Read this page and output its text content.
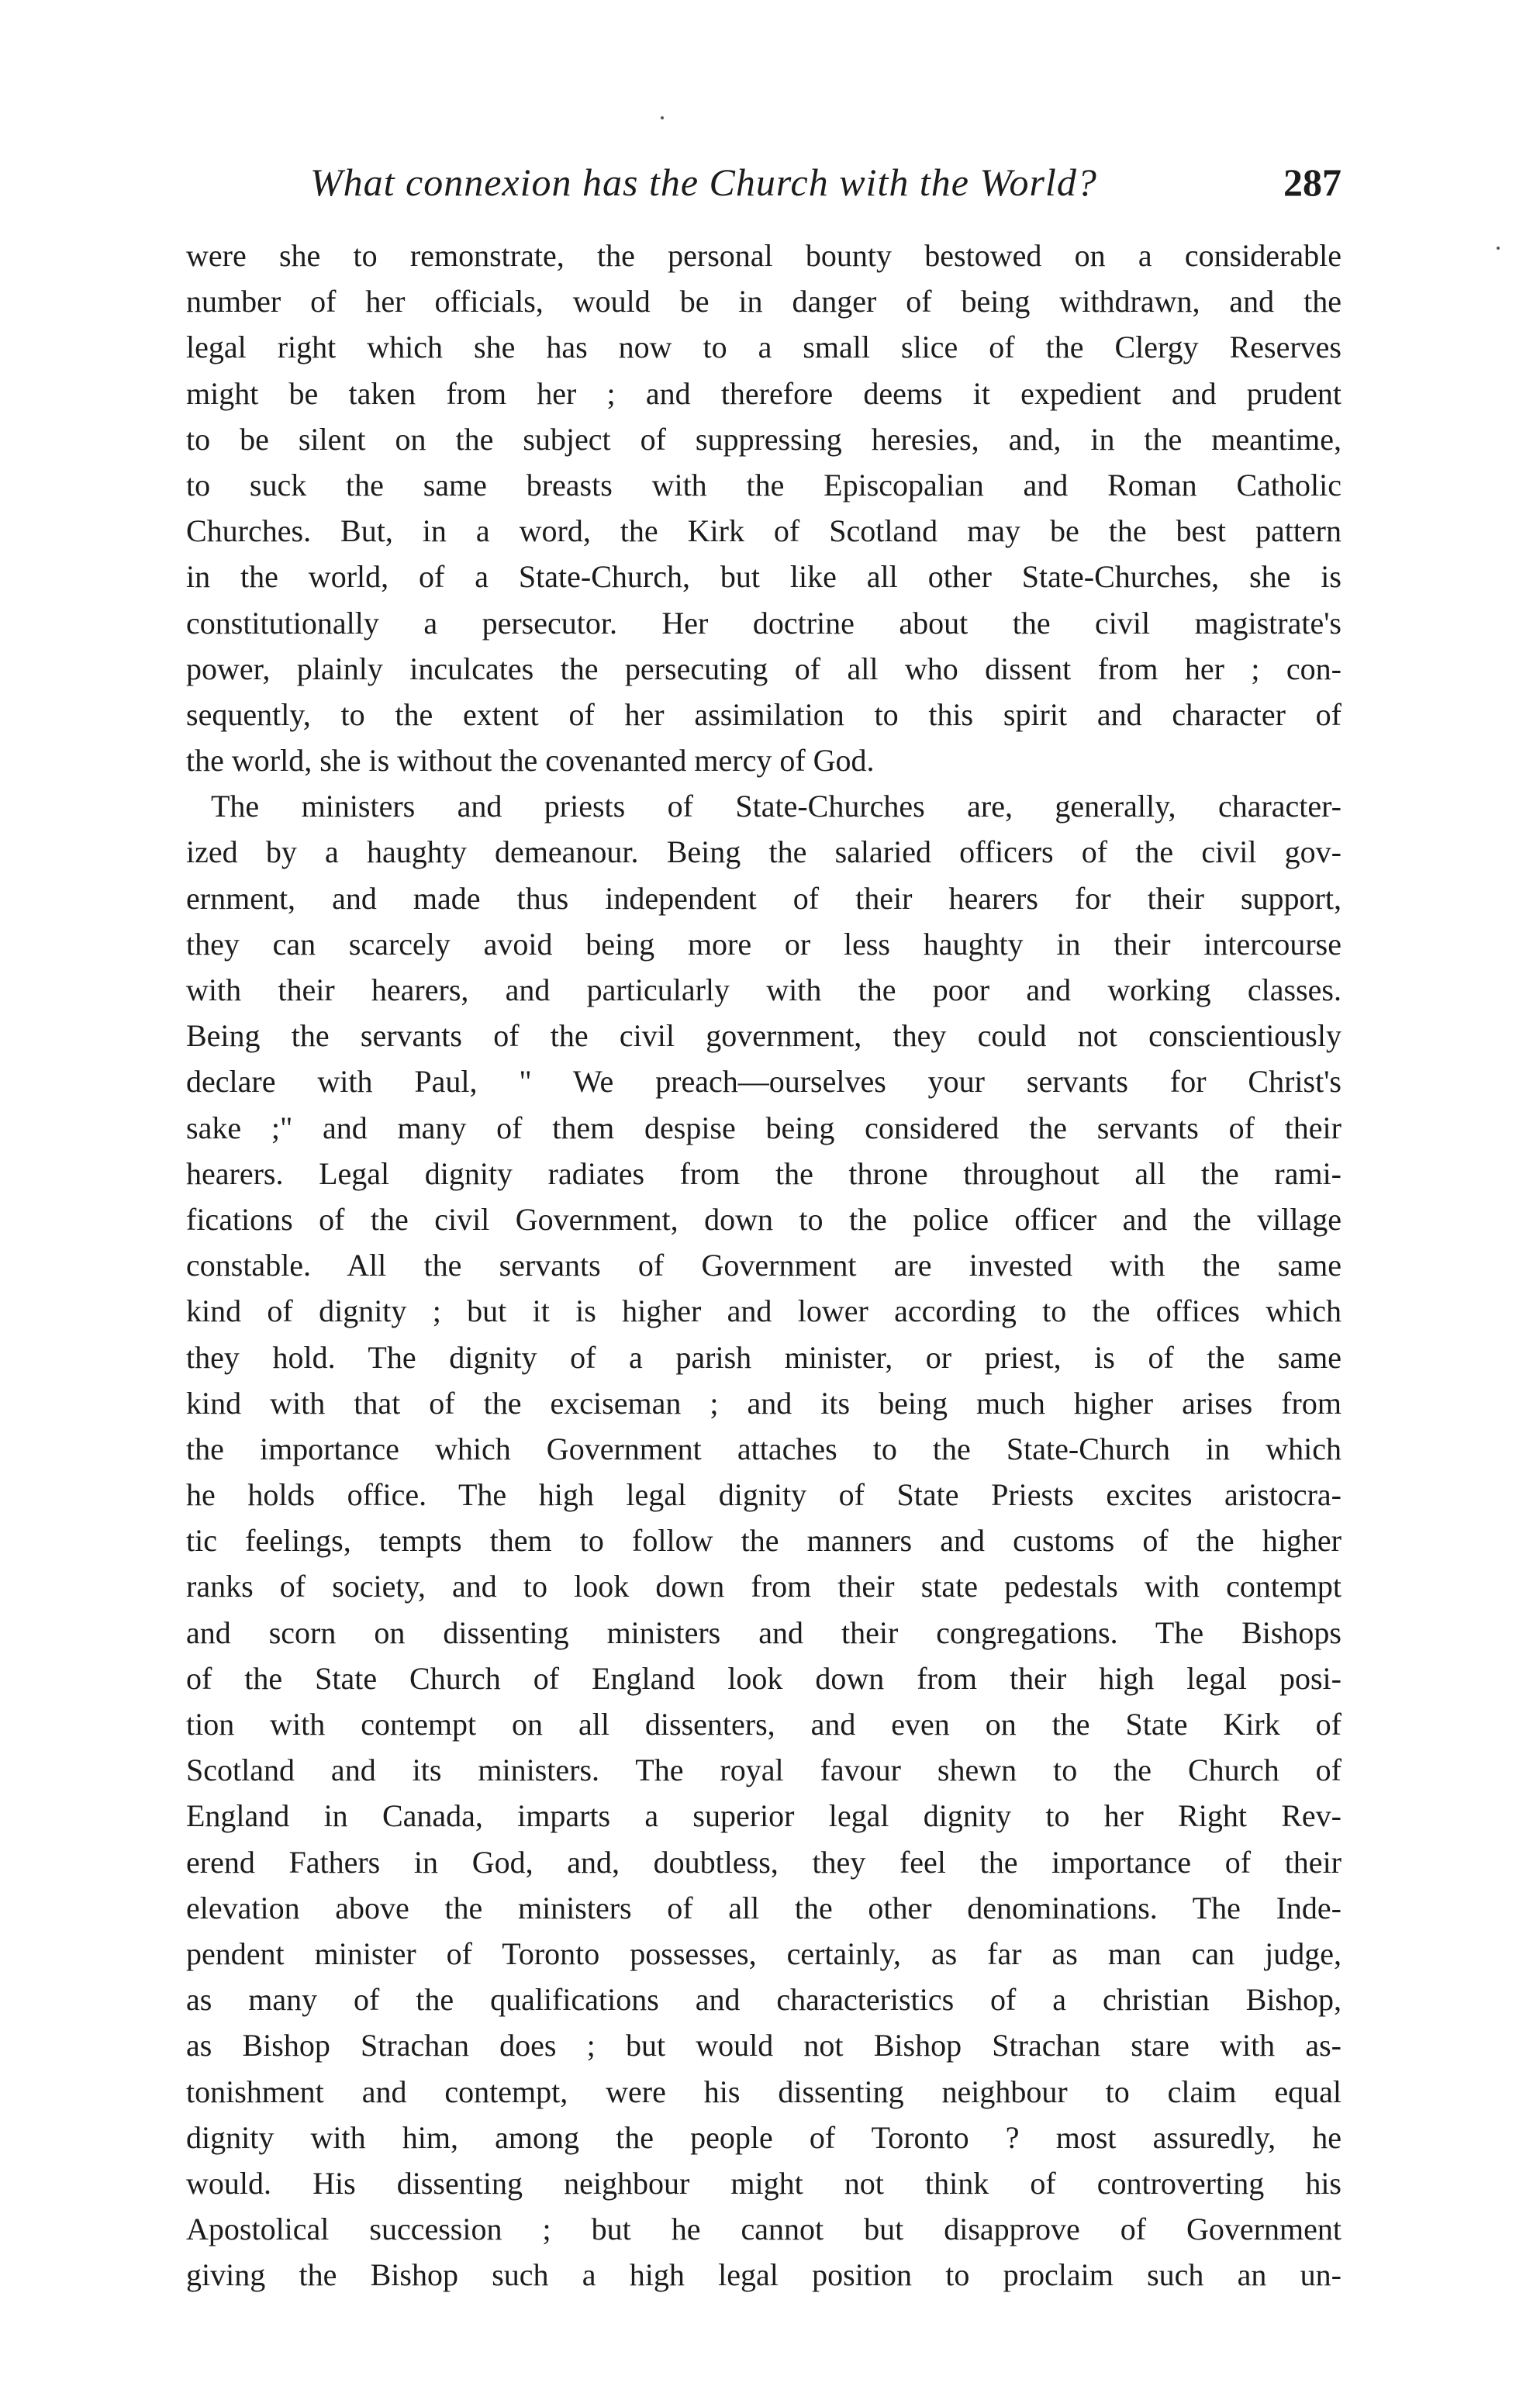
What connexion has the Church with the World?	287
were she to remonstrate, the personal bounty bestowed on a considerable
number of her officials, would be in danger of being withdrawn, and the
legal right which she has now to a small slice of the Clergy Reserves
might be taken from her ; and therefore deems it expedient and prudent
to be silent on the subject of suppressing heresies, and, in the meantime,
to suck the same breasts with the Episcopalian and Roman Catholic
Churches. But, in a word, the Kirk of Scotland may be the best pattern
in the world, of a State-Church, but like all other State-Churches, she is
constitutionally a persecutor. Her doctrine about the civil magistrate's
power, plainly inculcates the persecuting of all who dissent from her ; con-
sequently, to the extent of her assimilation to this spirit and character of
the world, she is without the covenanted mercy of God.
The ministers and priests of State-Churches are, generally, character-
ized by a haughty demeanour. Being the salaried officers of the civil gov-
ernment, and made thus independent of their hearers for their support,
they can scarcely avoid being more or less haughty in their intercourse
with their hearers, and particularly with the poor and working classes.
Being the servants of the civil government, they could not conscientiously
declare with Paul, " We preach—ourselves your servants for Christ's
sake ;" and many of them despise being considered the servants of their
hearers. Legal dignity radiates from the throne throughout all the rami-
fications of the civil Government, down to the police officer and the village
constable. All the servants of Government are invested with the same
kind of dignity ; but it is higher and lower according to the offices which
they hold. The dignity of a parish minister, or priest, is of the same
kind with that of the exciseman ; and its being much higher arises from
the importance which Government attaches to the State-Church in which
he holds office. The high legal dignity of State Priests excites aristocra-
tic feelings, tempts them to follow the manners and customs of the higher
ranks of society, and to look down from their state pedestals with contempt
and scorn on dissenting ministers and their congregations. The Bishops
of the State Church of England look down from their high legal posi-
tion with contempt on all dissenters, and even on the State Kirk of
Scotland and its ministers. The royal favour shewn to the Church of
England in Canada, imparts a superior legal dignity to her Right Rev-
erend Fathers in God, and, doubtless, they feel the importance of their
elevation above the ministers of all the other denominations. The Inde-
pendent minister of Toronto possesses, certainly, as far as man can judge,
as many of the qualifications and characteristics of a christian Bishop,
as Bishop Strachan does ; but would not Bishop Strachan stare with as-
tonishment and contempt, were his dissenting neighbour to claim equal
dignity with him, among the people of Toronto ? most assuredly, he
would. His dissenting neighbour might not think of controverting his
Apostolical succession ; but he cannot but disapprove of Government
giving the Bishop such a high legal position to proclaim such an un-
